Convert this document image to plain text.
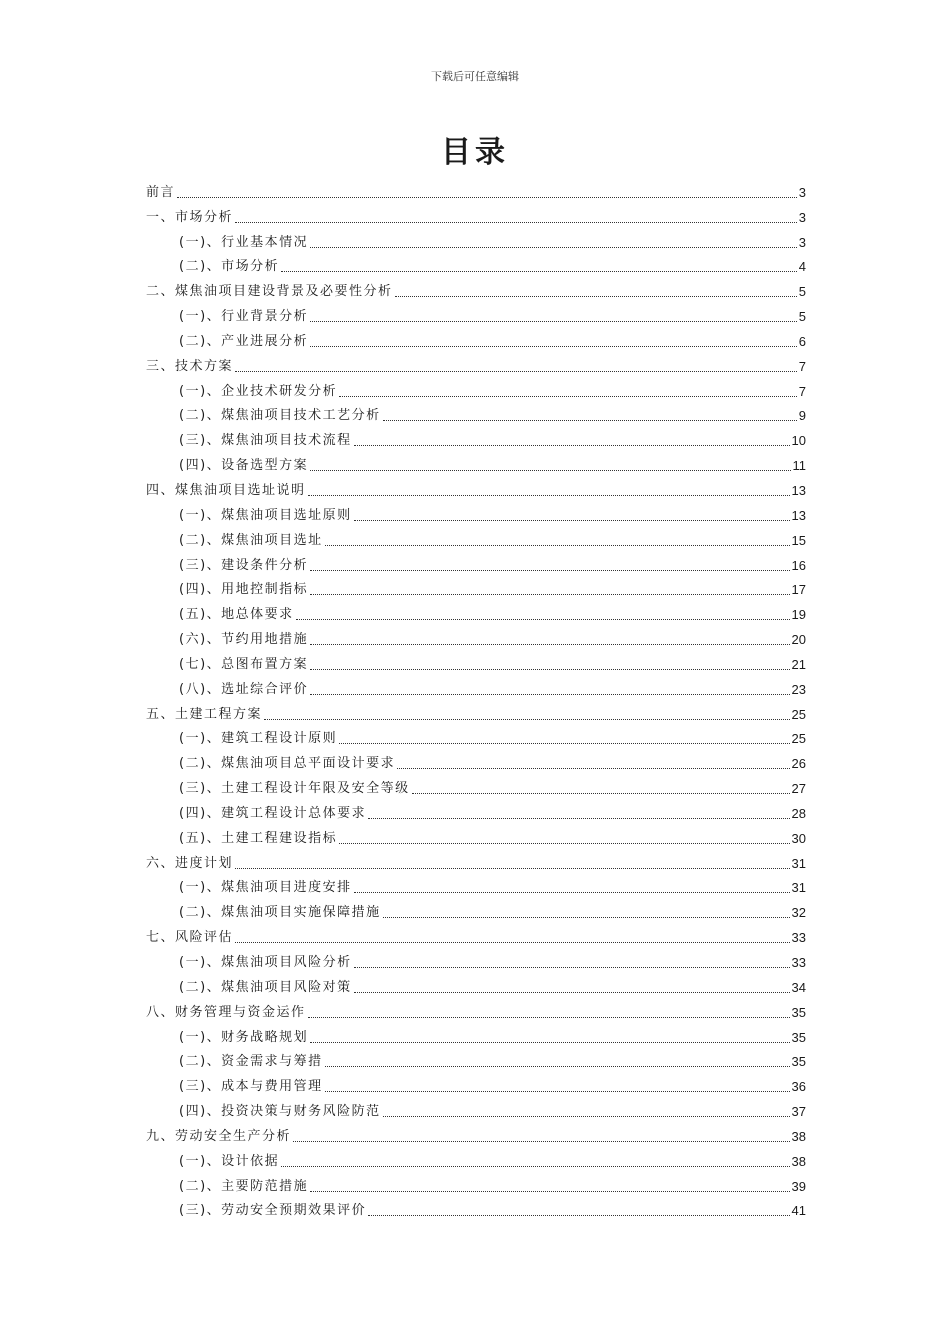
下载后可任意编辑
目录
前言	3
一、市场分析	3
(一)、行业基本情况	3
(二)、市场分析	4
二、煤焦油项目建设背景及必要性分析	5
(一)、行业背景分析	5
(二)、产业进展分析	6
三、技术方案	7
(一)、企业技术研发分析	7
(二)、煤焦油项目技术工艺分析	9
(三)、煤焦油项目技术流程	10
(四)、设备选型方案	11
四、煤焦油项目选址说明	13
(一)、煤焦油项目选址原则	13
(二)、煤焦油项目选址	15
(三)、建设条件分析	16
(四)、用地控制指标	17
(五)、地总体要求	19
(六)、节约用地措施	20
(七)、总图布置方案	21
(八)、选址综合评价	23
五、土建工程方案	25
(一)、建筑工程设计原则	25
(二)、煤焦油项目总平面设计要求	26
(三)、土建工程设计年限及安全等级	27
(四)、建筑工程设计总体要求	28
(五)、土建工程建设指标	30
六、进度计划	31
(一)、煤焦油项目进度安排	31
(二)、煤焦油项目实施保障措施	32
七、风险评估	33
(一)、煤焦油项目风险分析	33
(二)、煤焦油项目风险对策	34
八、财务管理与资金运作	35
(一)、财务战略规划	35
(二)、资金需求与筹措	35
(三)、成本与费用管理	36
(四)、投资决策与财务风险防范	37
九、劳动安全生产分析	38
(一)、设计依据	38
(二)、主要防范措施	39
(三)、劳动安全预期效果评价	41
